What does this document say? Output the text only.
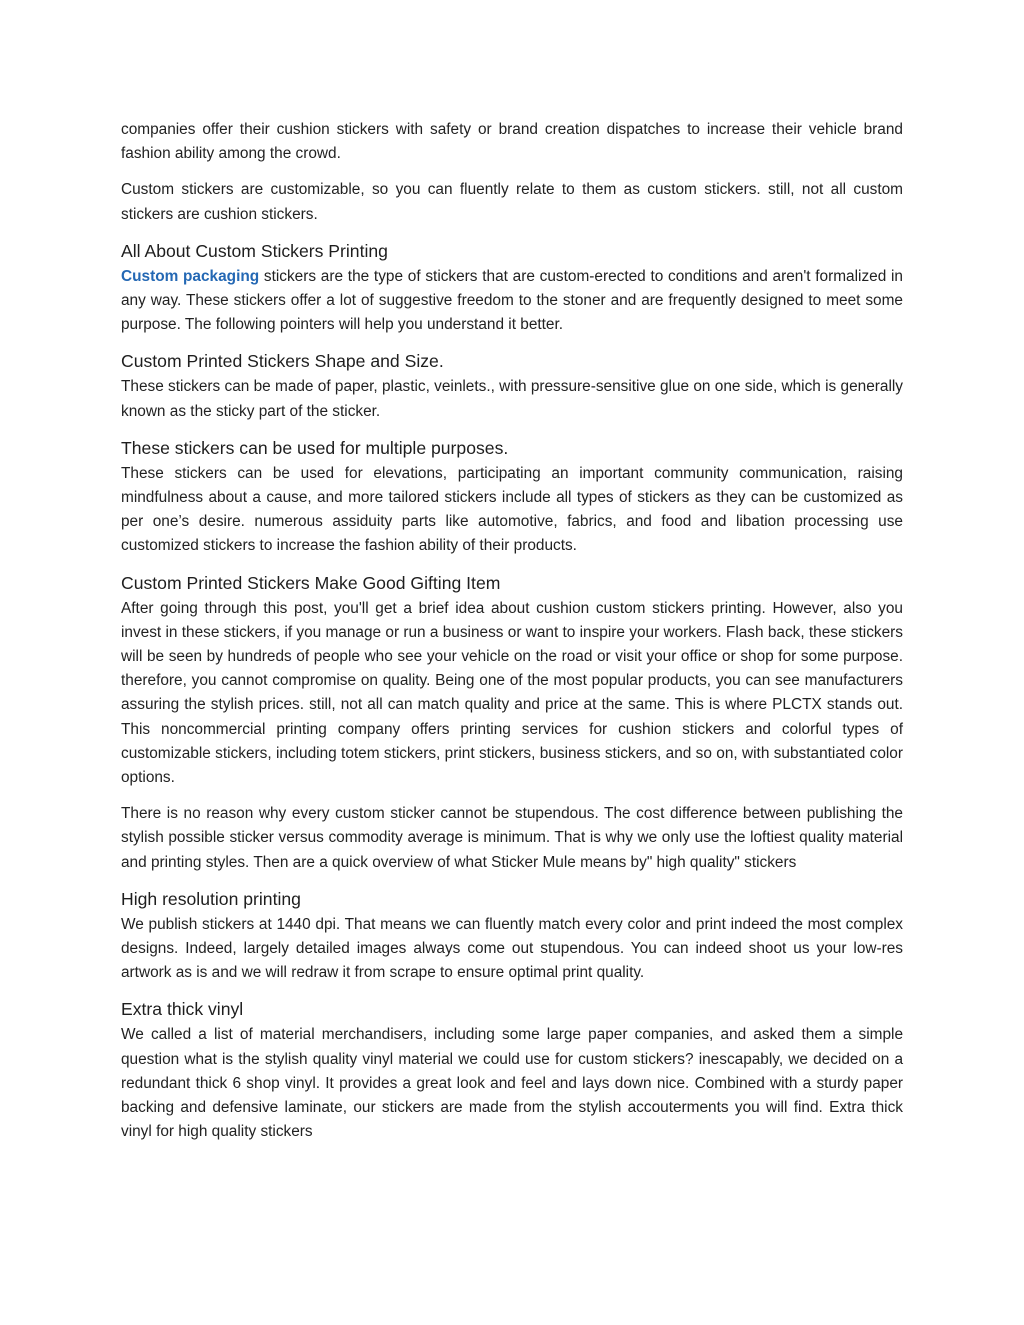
companies offer their cushion stickers with safety or brand creation dispatches to increase their vehicle brand fashion ability among the crowd.

Custom stickers are customizable, so you can fluently relate to them as custom stickers. still, not all custom stickers are cushion stickers.

All About Custom Stickers Printing

Custom packaging stickers are the type of stickers that are custom-erected to conditions and aren't formalized in any way. These stickers offer a lot of suggestive freedom to the stoner and are frequently designed to meet some purpose. The following pointers will help you understand it better.

Custom Printed Stickers Shape and Size.

These stickers can be made of paper, plastic, veinlets., with pressure-sensitive glue on one side, which is generally known as the sticky part of the sticker.

These stickers can be used for multiple purposes.

These stickers can be used for elevations, participating an important community communication, raising mindfulness about a cause, and more tailored stickers include all types of stickers as they can be customized as per one’s desire. numerous assiduity parts like automotive, fabrics, and food and libation processing use customized stickers to increase the fashion ability of their products.

Custom Printed Stickers Make Good Gifting Item

After going through this post, you'll get a brief idea about cushion custom stickers printing. However, also you invest in these stickers, if you manage or run a business or want to inspire your workers. Flash back, these stickers will be seen by hundreds of people who see your vehicle on the road or visit your office or shop for some purpose. therefore, you cannot compromise on quality. Being one of the most popular products, you can see manufacturers assuring the stylish prices. still, not all can match quality and price at the same. This is where PLCTX stands out. This noncommercial printing company offers printing services for cushion stickers and colorful types of customizable stickers, including totem stickers, print stickers, business stickers, and so on, with substantiated color options.

There is no reason why every custom sticker cannot be stupendous. The cost difference between publishing the stylish possible sticker versus commodity average is minimum. That is why we only use the loftiest quality material and printing styles. Then are a quick overview of what Sticker Mule means by" high quality" stickers

High resolution printing

We publish stickers at 1440 dpi. That means we can fluently match every color and print indeed the most complex designs. Indeed, largely detailed images always come out stupendous. You can indeed shoot us your low-res artwork as is and we will redraw it from scrape to ensure optimal print quality.

Extra thick vinyl

We called a list of material merchandisers, including some large paper companies, and asked them a simple question what is the stylish quality vinyl material we could use for custom stickers? inescapably, we decided on a redundant thick 6 shop vinyl. It provides a great look and feel and lays down nice. Combined with a sturdy paper backing and defensive laminate, our stickers are made from the stylish accouterments you will find. Extra thick vinyl for high quality stickers
